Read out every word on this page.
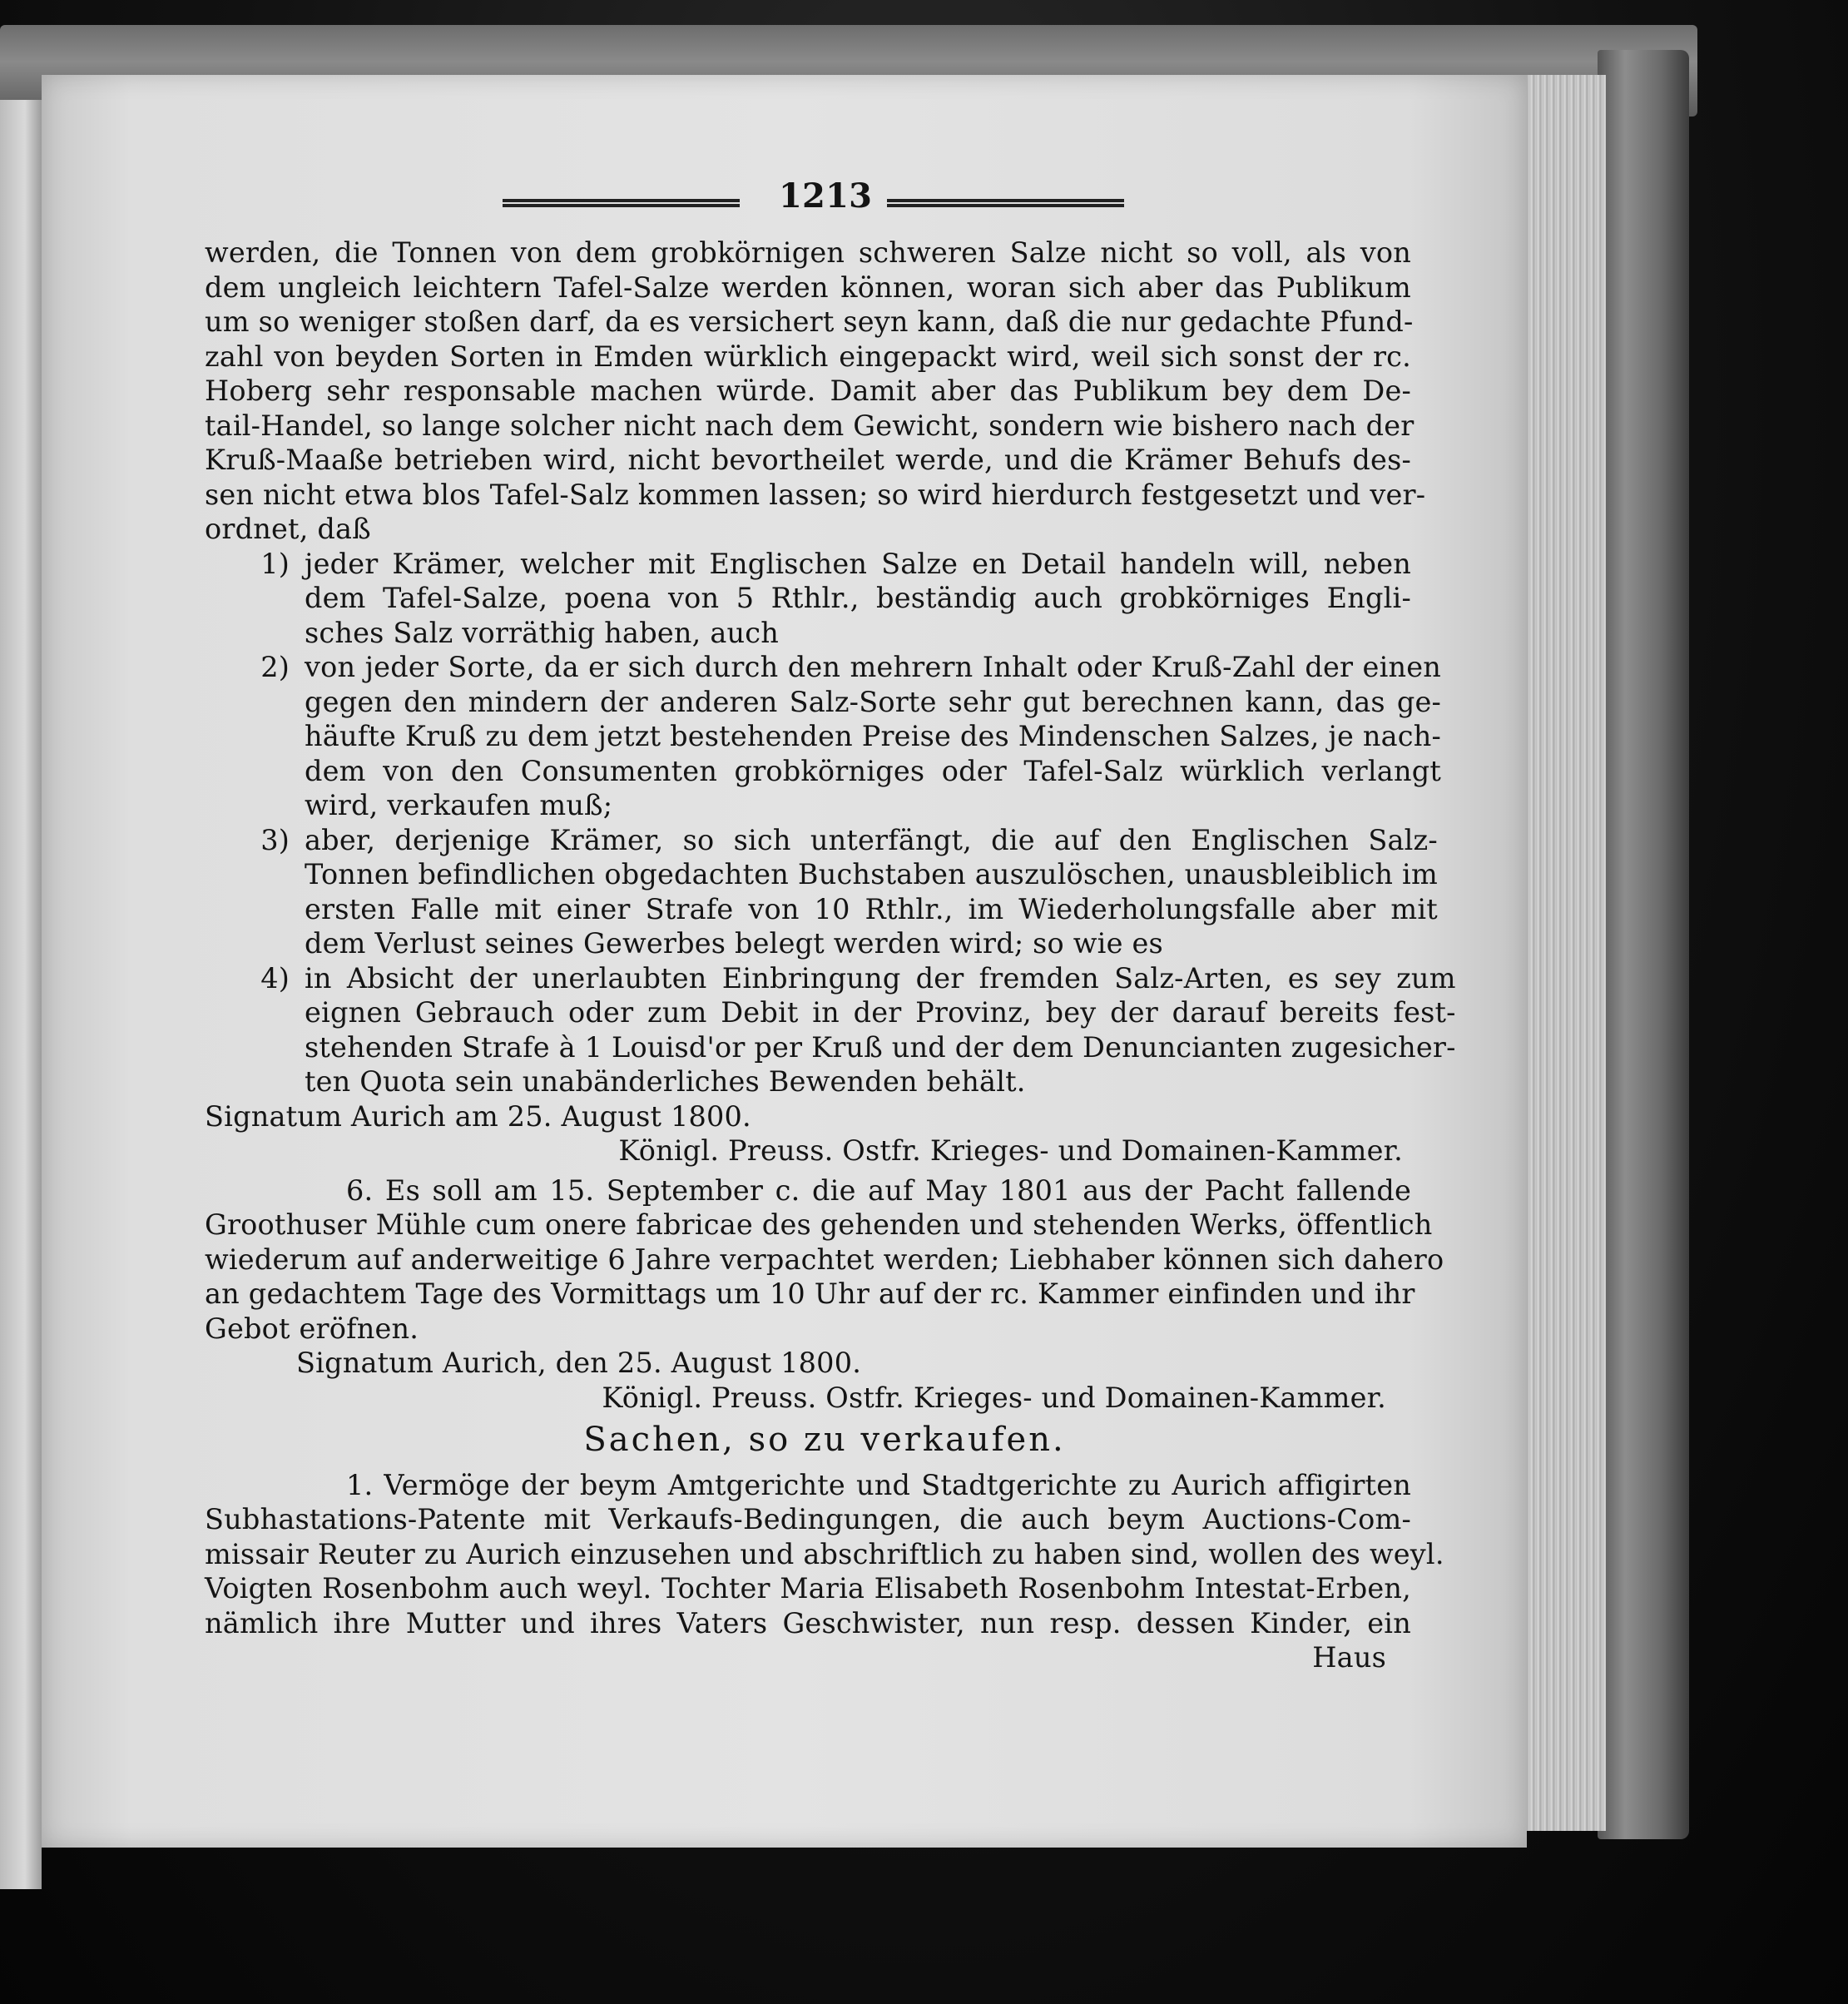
1213
werden, die Tonnen von dem grobkörnigen schweren Salze nicht so voll, als von
dem ungleich leichtern Tafel-Salze werden können, woran sich aber das Publikum
um so weniger stoßen darf, da es versichert seyn kann, daß die nur gedachte Pfund-
zahl von beyden Sorten in Emden würklich eingepackt wird, weil sich sonst der rc.
Hoberg sehr responsable machen würde. Damit aber das Publikum bey dem De-
tail-Handel, so lange solcher nicht nach dem Gewicht, sondern wie bishero nach der
Kruß-Maaße betrieben wird, nicht bevortheilet werde, und die Krämer Behufs des-
sen nicht etwa blos Tafel-Salz kommen lassen; so wird hierdurch festgesetzt und ver-
ordnet, daß
1) jeder Krämer, welcher mit Englischen Salze en Detail handeln will, neben
dem Tafel-Salze, poena von 5 Rthlr., beständig auch grobkörniges Engli-
sches Salz vorräthig haben, auch
2) von jeder Sorte, da er sich durch den mehrern Inhalt oder Kruß-Zahl der einen
gegen den mindern der anderen Salz-Sorte sehr gut berechnen kann, das ge-
häufte Kruß zu dem jetzt bestehenden Preise des Mindenschen Salzes, je nach-
dem von den Consumenten grobkörniges oder Tafel-Salz würklich verlangt
wird, verkaufen muß;
3) aber, derjenige Krämer, so sich unterfängt, die auf den Englischen Salz-
Tonnen befindlichen obgedachten Buchstaben auszulöschen, unausbleiblich im
ersten Falle mit einer Strafe von 10 Rthlr., im Wiederholungsfalle aber mit
dem Verlust seines Gewerbes belegt werden wird; so wie es
4) in Absicht der unerlaubten Einbringung der fremden Salz-Arten, es sey zum
eignen Gebrauch oder zum Debit in der Provinz, bey der darauf bereits fest-
stehenden Strafe à 1 Louisd'or per Kruß und der dem Denuncianten zugesicher-
ten Quota sein unabänderliches Bewenden behält.
Signatum Aurich am 25. August 1800.
Königl. Preuss. Ostfr. Krieges- und Domainen-Kammer.
6. Es soll am 15. September c. die auf May 1801 aus der Pacht fallende
Groothuser Mühle cum onere fabricae des gehenden und stehenden Werks, öffentlich
wiederum auf anderweitige 6 Jahre verpachtet werden; Liebhaber können sich dahero
an gedachtem Tage des Vormittags um 10 Uhr auf der rc. Kammer einfinden und ihr
Gebot eröfnen.
Signatum Aurich, den 25. August 1800.
Königl. Preuss. Ostfr. Krieges- und Domainen-Kammer.
Sachen, so zu verkaufen.
1. Vermöge der beym Amtgerichte und Stadtgerichte zu Aurich affigirten
Subhastations-Patente mit Verkaufs-Bedingungen, die auch beym Auctions-Com-
missair Reuter zu Aurich einzusehen und abschriftlich zu haben sind, wollen des weyl.
Voigten Rosenbohm auch weyl. Tochter Maria Elisabeth Rosenbohm Intestat-Erben,
nämlich ihre Mutter und ihres Vaters Geschwister, nun resp. dessen Kinder, ein
Haus
